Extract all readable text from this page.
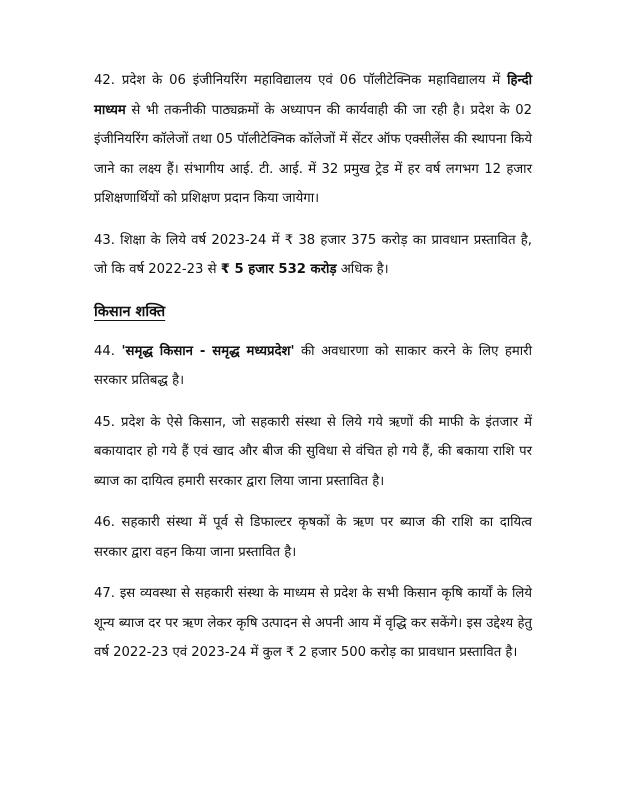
42. प्रदेश के 06 इंजीनियरिंग महाविद्यालय एवं 06 पॉलीटेक्निक महाविद्यालय में हिन्दी माध्यम से भी तकनीकी पाठ्यक्रमों के अध्यापन की कार्यवाही की जा रही है। प्रदेश के 02 इंजीनियरिंग कॉलेजों तथा 05 पॉलीटेक्निक कॉलेजों में सेंटर ऑफ एक्सीलेंस की स्थापना किये जाने का लक्ष्य हैं। संभागीय आई. टी. आई. में 32 प्रमुख ट्रेड में हर वर्ष लगभग 12 हजार प्रशिक्षणार्थियों को प्रशिक्षण प्रदान किया जायेगा।

43. शिक्षा के लिये वर्ष 2023-24 में ₹ 38 हजार 375 करोड़ का प्रावधान प्रस्तावित है, जो कि वर्ष 2022-23 से ₹ 5 हजार 532 करोड़ अधिक है।

किसान शक्ति

44. 'समृद्ध किसान - समृद्ध मध्यप्रदेश' की अवधारणा को साकार करने के लिए हमारी सरकार प्रतिबद्ध है।

45. प्रदेश के ऐसे किसान, जो सहकारी संस्था से लिये गये ऋणों की माफी के इंतजार में बकायादार हो गये हैं एवं खाद और बीज की सुविधा से वंचित हो गये हैं, की बकाया राशि पर ब्याज का दायित्व हमारी सरकार द्वारा लिया जाना प्रस्तावित है।

46. सहकारी संस्था में पूर्व से डिफाल्टर कृषकों के ऋण पर ब्याज की राशि का दायित्व सरकार द्वारा वहन किया जाना प्रस्तावित है।

47. इस व्यवस्था से सहकारी संस्था के माध्यम से प्रदेश के सभी किसान कृषि कार्यों के लिये शून्य ब्याज दर पर ऋण लेकर कृषि उत्पादन से अपनी आय में वृद्धि कर सकेंगे। इस उद्देश्य हेतु वर्ष 2022-23 एवं 2023-24 में कुल ₹ 2 हजार 500 करोड़ का प्रावधान प्रस्तावित है।
